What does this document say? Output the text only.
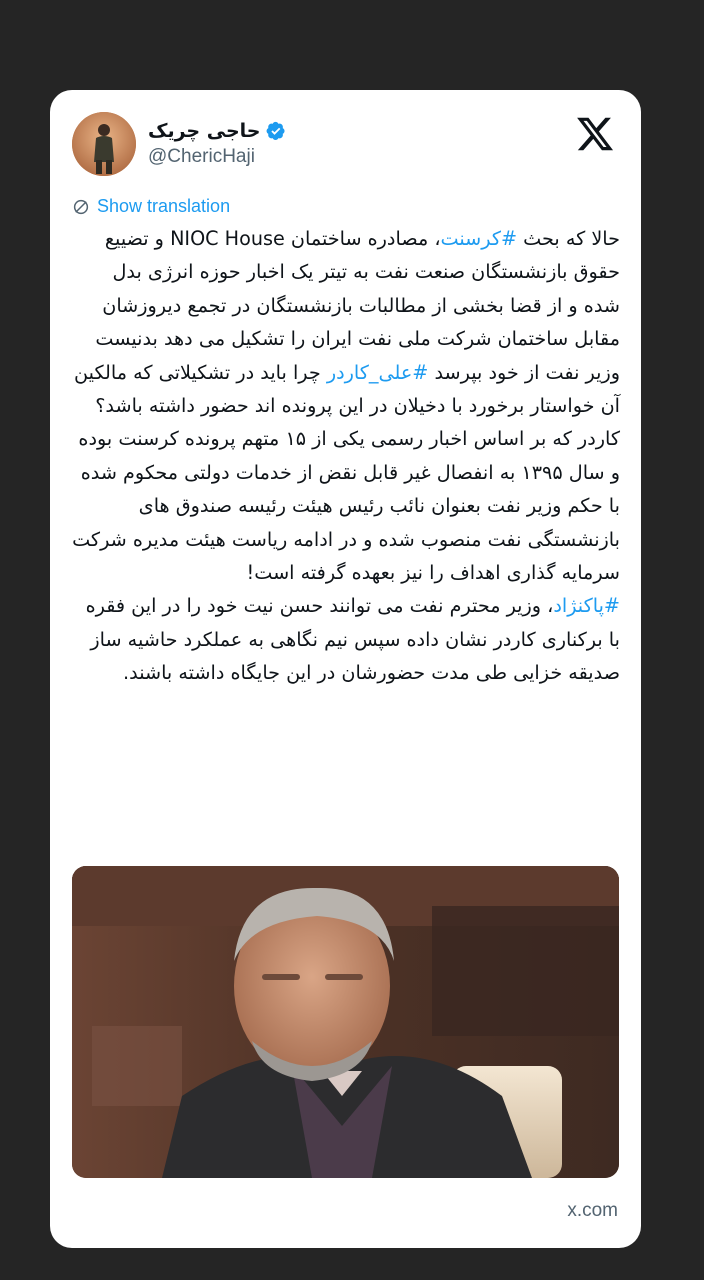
حاجی چریک
@ChericHaji
Show translation

حالا که بحث #کرسنت، مصادره ساختمان NIOC House و تضییع حقوق بازنشستگان صنعت نفت به تیتر یک اخبار حوزه انرژی بدل شده و از قضا بخشی از مطالبات بازنشستگان در تجمع دیروزشان مقابل ساختمان شرکت ملی نفت ایران را تشکیل می دهد بدنیست وزیر نفت از خود بپرسد #علی_کاردر چرا باید در تشکیلاتی که مالکین آن خواستار برخورد با دخیلان در این پرونده اند حضور داشته باشد؟

کاردر که بر اساس اخبار رسمی یکی از ۱۵ متهم پرونده کرسنت بوده و سال ۱۳۹۵ به انفصال غیر قابل نقض از خدمات دولتی محکوم شده با حکم وزیر نفت بعنوان نائب رئیس هیئت رئیسه صندوق های بازنشستگی نفت منصوب شده و در ادامه ریاست هیئت مدیره شرکت سرمایه گذاری اهداف را نیز بعهده گرفته است!

#پاکنژاد، وزیر محترم نفت می توانند حسن نیت خود را در این فقره با برکناری کاردر نشان داده سپس نیم نگاهی به عملکرد حاشیه ساز صدیقه خزایی طی مدت حضورشان در این جایگاه داشته باشند.

x.com
